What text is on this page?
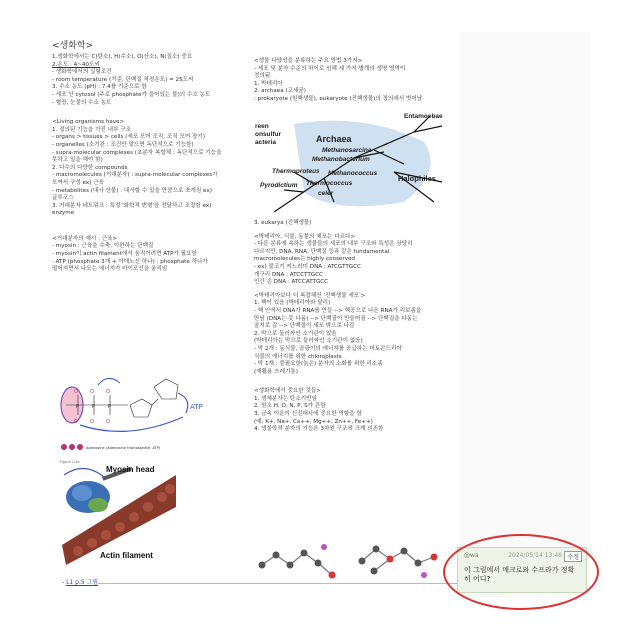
<생화학>

1.생화학에서는 C(탄소), H(수소), O(산소), N(질소) 중요

2.온도 : 4~40도씨

- 생화학에서의 실험조건

- room temperature (기준, 단백질 적정온도) = 25도씨

3. 수소 농도 (pH) : 7.4를 기준으로 함

- 세포 안 cytosol (주로 phosphate가 들어있는 물)의 수소 농도

- 혈장, 눈물의 수소 농도

<Living organisms have>

1. 정의된 기능을 가진 내부 구조

- organs > tissues > cells (세포 모여 조직, 조직 모여 장기)

- organelles (소기관 : 조건만 맞으면 독단적으로 기능함)

- supra-molecular complexes (초분자 복합체 : 독단적으로 기능을

못하고 일을 해야 함)

2. 다수의 다양한 compounds

- macromolecules (거대분자) : supra-molecular complexes가

모여서 구성 ex) 근육

- metabolites (대사 산물) : 대사할 수 있을 만큼으로 쪼개짐 ex)

글루코스

3. 거대분자 네트워크 : 특정 '화학적 변형'을 전달하고 조절함 ex)

enzyme

<거대분자의 예시 : 근육>

- myosin : 근육을 수축, 이완하는 단백질

- myosin이 actin filament에서 움직이려면 ATP가 필요함

: ATP (phosphate 3개 + 아데노신 하나) : phosphate 하나가

떨어지면서 나오는 에너지가 마이오신을 움직임

O O O
O O O
P	P	P	ATP
Adenosine (Adenosine triphosphate, ATP)
Figure 1.4a
Myosin head
Actin filament

<생물 다양성을 분류하는 주요 방법 3가지>

- 세포 및 분자 수준의 차이로 인해 세 가지 별개의 생명 영역이

정의됨

1. 박테리아

2. archaea (고세균)

: prokaryote (원핵생물), eukaryote (진핵생물)의 정의에서 벗어남

reen
onsulfur
acteria	Archaea
Methanosarcina
Methanobacterium
Thermoproteus Methanococcus
Pyrodictium Thermococcus
celer
Halophiles
Entamoebae

3. eukarya (진핵생물)

<박테리아, 식물, 동물의 세포는 다르다>

- 다른 분류에 속하는 생물들의 세포의 내부 구조와 특성은 상당히

다르지만, DNA, RNA, 단백질 등과 같은 fundamental

macromolecules는 highly conserved

- ex) 물고기 지느러미 DNA : ATCGTTGCC

개구리 DNA : ATCCTTGCC

인간 손 DNA : ATCCATTGCC

<박테리아보다 더 복잡해진 '진핵생물 세포'>

1. 핵이 있음 (박테리아와 달리)

- 핵 안에서 DNA가 RNA를 만들 --> 핵공으로 나온 RNA가 리보좀을

만남 (DNA는 못 나옴) --> 단백질이 만들어짐 --> 단백질을 다동는

골지로 감 --> 단백질이 세포 밖으로 나감

2. 막으로 둘러싸인 소기관이 있음

(박테리아는 막으로 둘러싸인 소기관이 없음)

- 막 2개 : 동식물, 곰팡이의 에너지를 공급하는 미토콘드리아

식물의 에너지를 위한 chloroplasts

- 막 1개 : 불필요한(늙은) 분자의 소화를 위한 리소좀

(재활용 쓰레기통)

<생화학에서 중요한 것들>

1. 생체분자는 탄소기반임

2. 원소 H, O, N, P, S가 흔함

3. 금속 이온이 신진대사에 중요한 역할을 함

(예: K+, Na+, Ca++, Mg++, Zn++, Fe++)

4. 생물학적 분자의 기능은 3차원 구조에 크게 의존함

- L1 p.5 그림
@wa	2024/05/14 13:46 수정
이 그림에서 매크로와 수프라가 정확히 어디?
